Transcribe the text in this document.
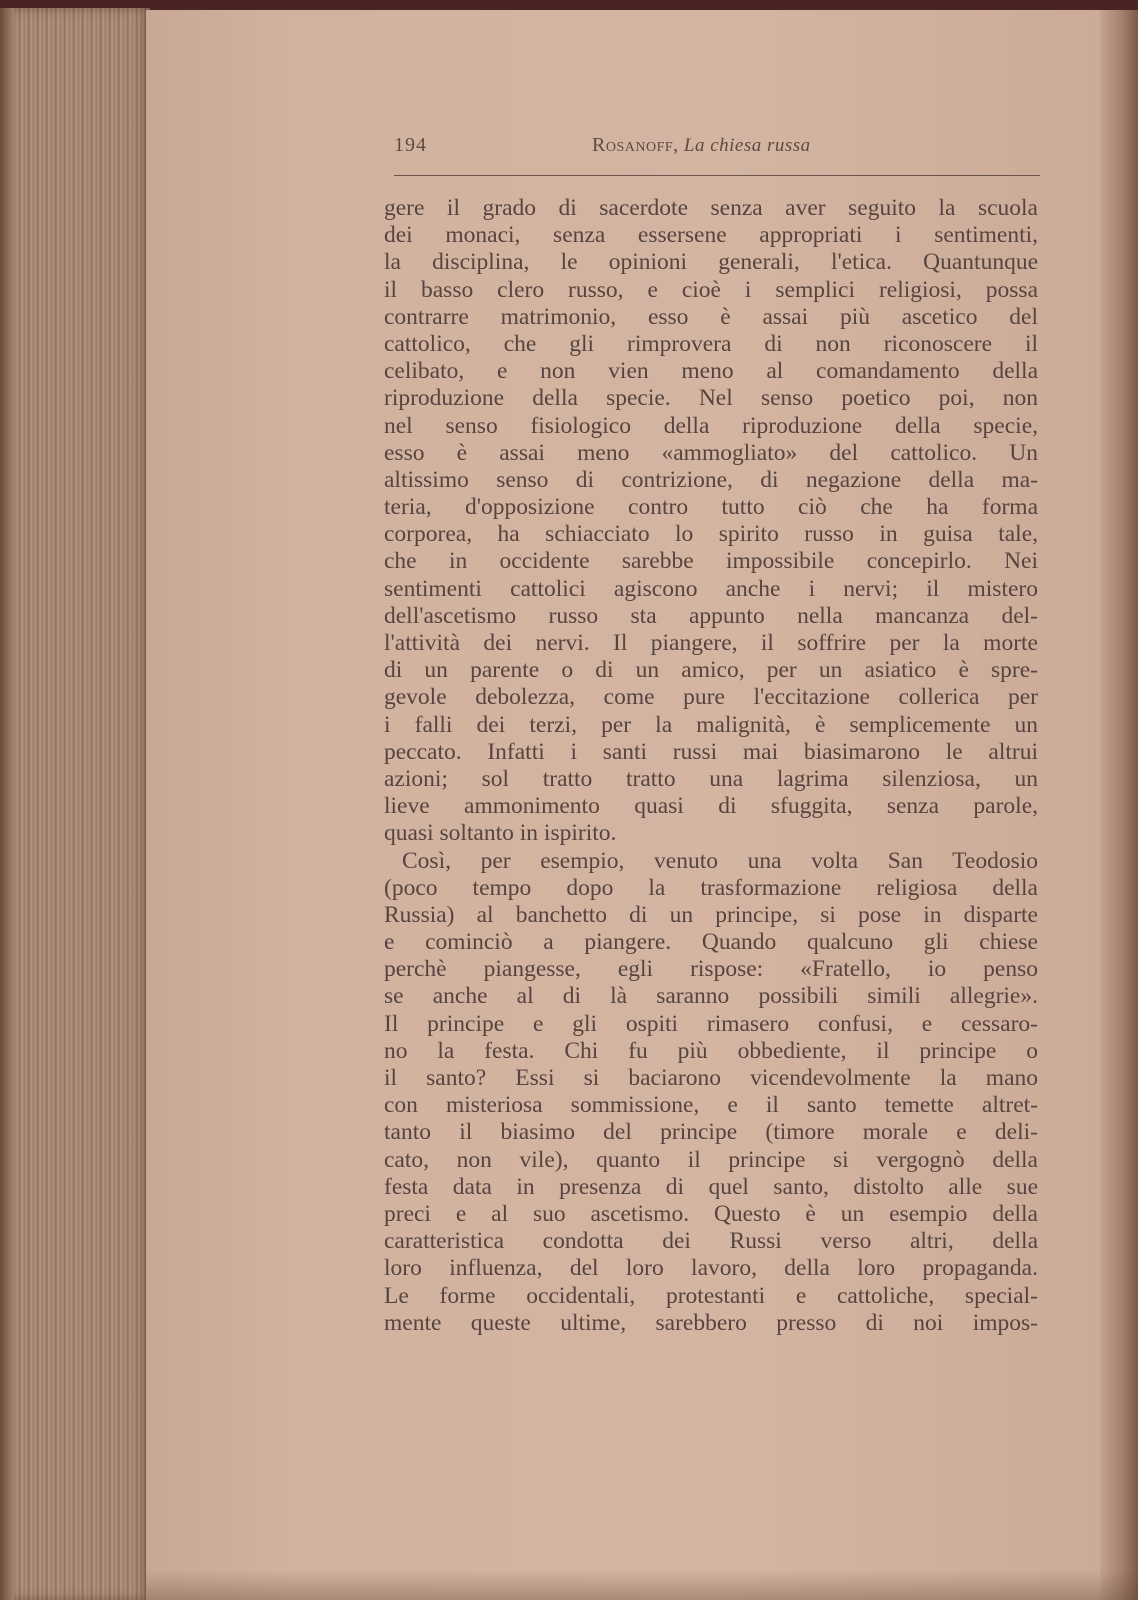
194	Rosanoff, La chiesa russa
gere il grado di sacerdote senza aver seguito la scuola
dei monaci, senza essersene appropriati i sentimenti,
la disciplina, le opinioni generali, l'etica. Quantunque
il basso clero russo, e cioè i semplici religiosi, possa
contrarre matrimonio, esso è assai più ascetico del
cattolico, che gli rimprovera di non riconoscere il
celibato, e non vien meno al comandamento della
riproduzione della specie. Nel senso poetico poi, non
nel senso fisiologico della riproduzione della specie,
esso è assai meno «ammogliato» del cattolico. Un
altissimo senso di contrizione, di negazione della ma-
teria, d'opposizione contro tutto ciò che ha forma
corporea, ha schiacciato lo spirito russo in guisa tale,
che in occidente sarebbe impossibile concepirlo. Nei
sentimenti cattolici agiscono anche i nervi; il mistero
dell'ascetismo russo sta appunto nella mancanza del-
l'attività dei nervi. Il piangere, il soffrire per la morte
di un parente o di un amico, per un asiatico è spre-
gevole debolezza, come pure l'eccitazione collerica per
i falli dei terzi, per la malignità, è semplicemente un
peccato. Infatti i santi russi mai biasimarono le altrui
azioni; sol tratto tratto una lagrima silenziosa, un
lieve ammonimento quasi di sfuggita, senza parole,
quasi soltanto in ispirito.
Così, per esempio, venuto una volta San Teodosio
(poco tempo dopo la trasformazione religiosa della
Russia) al banchetto di un principe, si pose in disparte
e cominciò a piangere. Quando qualcuno gli chiese
perchè piangesse, egli rispose: «Fratello, io penso
se anche al di là saranno possibili simili allegrie».
Il principe e gli ospiti rimasero confusi, e cessaro-
no la festa. Chi fu più obbediente, il principe o
il santo? Essi si baciarono vicendevolmente la mano
con misteriosa sommissione, e il santo temette altret-
tanto il biasimo del principe (timore morale e deli-
cato, non vile), quanto il principe si vergognò della
festa data in presenza di quel santo, distolto alle sue
preci e al suo ascetismo. Questo è un esempio della
caratteristica condotta dei Russi verso altri, della
loro influenza, del loro lavoro, della loro propaganda.
Le forme occidentali, protestanti e cattoliche, special-
mente queste ultime, sarebbero presso di noi impos-
